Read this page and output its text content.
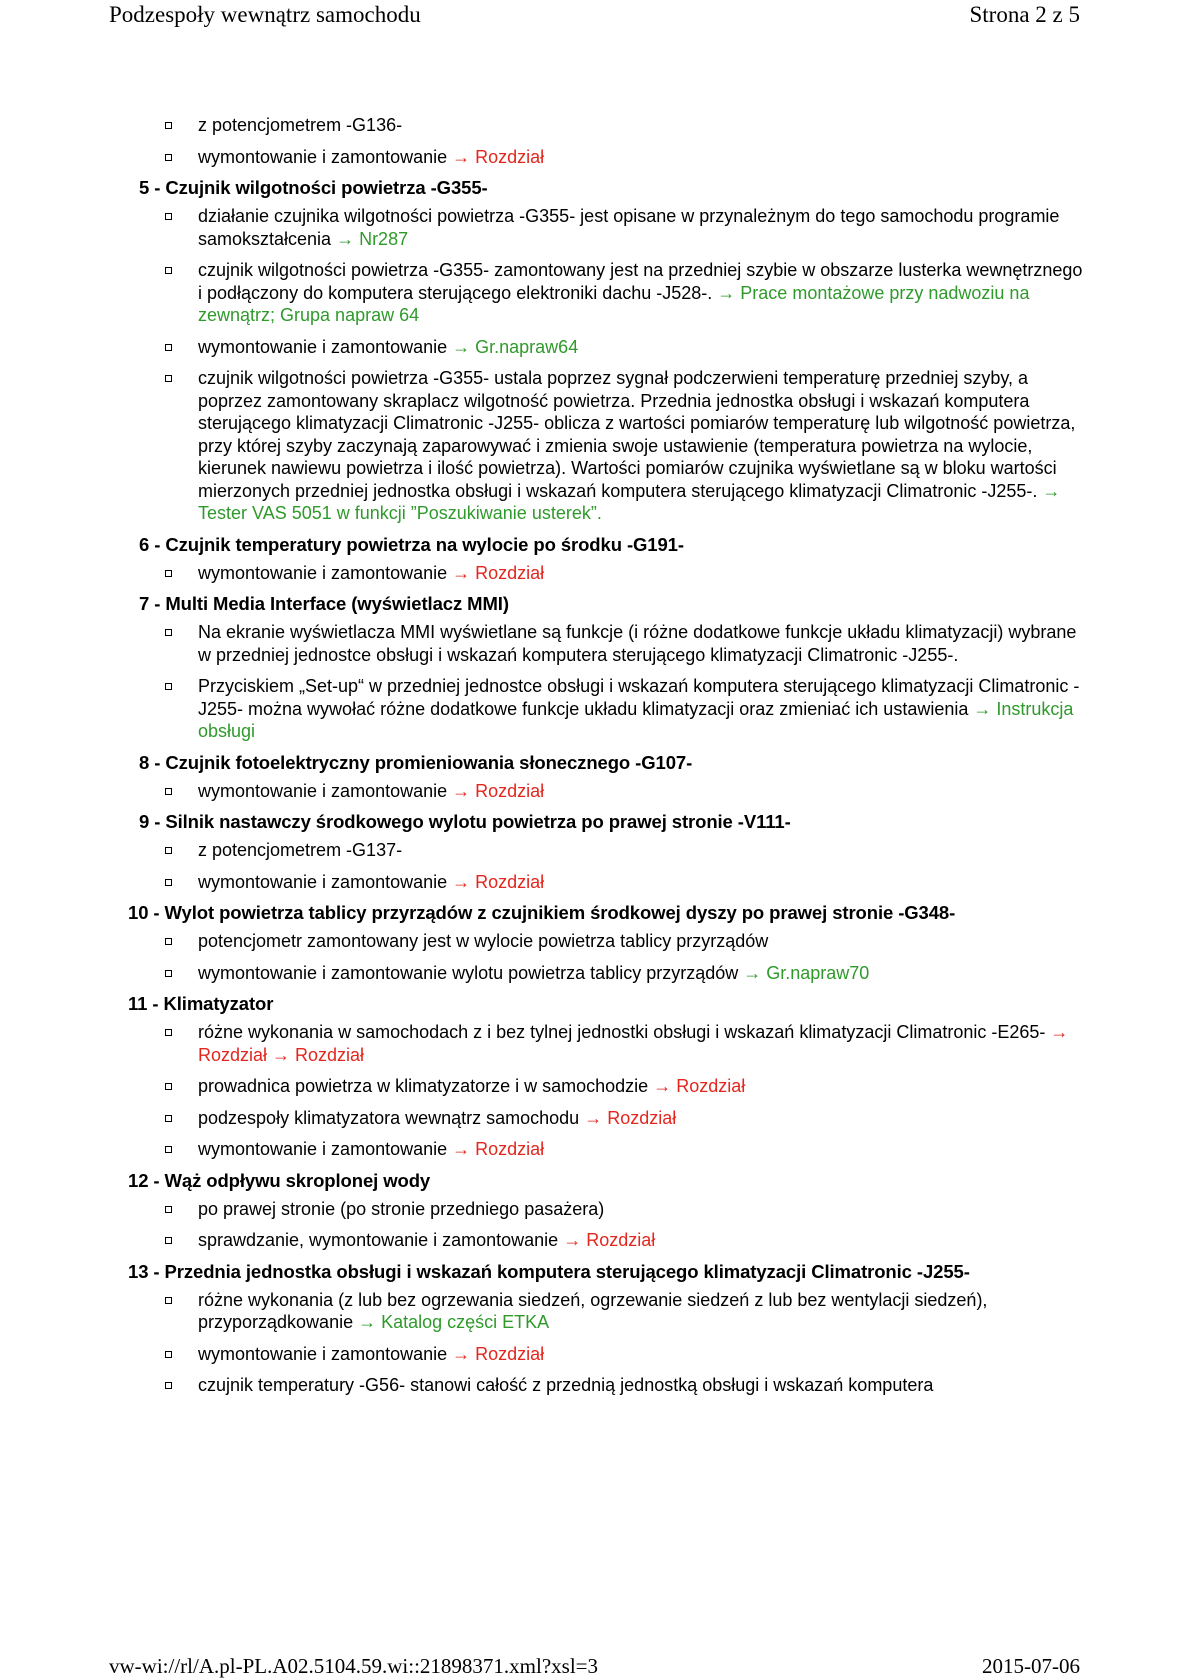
Podzespoły wewnątrz samochodu	Strona 2 z 5
z potencjometrem -G136-
wymontowanie i zamontowanie → Rozdział
5 - Czujnik wilgotności powietrza -G355-
działanie czujnika wilgotności powietrza -G355- jest opisane w przynależnym do tego samochodu programie samokształcenia → Nr287
czujnik wilgotności powietrza -G355- zamontowany jest na przedniej szybie w obszarze lusterka wewnętrznego i podłączony do komputera sterującego elektroniki dachu -J528-. → Prace montażowe przy nadwoziu na zewnątrz; Grupa napraw 64
wymontowanie i zamontowanie → Gr.napraw64
czujnik wilgotności powietrza -G355- ustala poprzez sygnał podczerwieni temperaturę przedniej szyby, a poprzez zamontowany skraplacz wilgotność powietrza. Przednia jednostka obsługi i wskazań komputera sterującego klimatyzacji Climatronic -J255- oblicza z wartości pomiarów temperaturę lub wilgotność powietrza, przy której szyby zaczynają zaparowywać i zmienia swoje ustawienie (temperatura powietrza na wylocie, kierunek nawiewu powietrza i ilość powietrza). Wartości pomiarów czujnika wyświetlane są w bloku wartości mierzonych przedniej jednostka obsługi i wskazań komputera sterującego klimatyzacji Climatronic -J255-. → Tester VAS 5051 w funkcji ”Poszukiwanie usterek”.
6 - Czujnik temperatury powietrza na wylocie po środku -G191-
wymontowanie i zamontowanie → Rozdział
7 - Multi Media Interface (wyświetlacz MMI)
Na ekranie wyświetlacza MMI wyświetlane są funkcje (i różne dodatkowe funkcje układu klimatyzacji) wybrane w przedniej jednostce obsługi i wskazań komputera sterującego klimatyzacji Climatronic -J255-.
Przyciskiem „Set-up“ w przedniej jednostce obsługi i wskazań komputera sterującego klimatyzacji Climatronic -J255- można wywołać różne dodatkowe funkcje układu klimatyzacji oraz zmieniać ich ustawienia → Instrukcja obsługi
8 - Czujnik fotoelektryczny promieniowania słonecznego -G107-
wymontowanie i zamontowanie → Rozdział
9 - Silnik nastawczy środkowego wylotu powietrza po prawej stronie -V111-
z potencjometrem -G137-
wymontowanie i zamontowanie → Rozdział
10 - Wylot powietrza tablicy przyrządów z czujnikiem środkowej dyszy po prawej stronie -G348-
potencjometr zamontowany jest w wylocie powietrza tablicy przyrządów
wymontowanie i zamontowanie wylotu powietrza tablicy przyrządów → Gr.napraw70
11 - Klimatyzator
różne wykonania w samochodach z i bez tylnej jednostki obsługi i wskazań klimatyzacji Climatronic -E265- → Rozdział → Rozdział
prowadnica powietrza w klimatyzatorze i w samochodzie → Rozdział
podzespoły klimatyzatora wewnątrz samochodu → Rozdział
wymontowanie i zamontowanie → Rozdział
12 - Wąż odpływu skroplonej wody
po prawej stronie (po stronie przedniego pasażera)
sprawdzanie, wymontowanie i zamontowanie → Rozdział
13 - Przednia jednostka obsługi i wskazań komputera sterującego klimatyzacji Climatronic -J255-
różne wykonania (z lub bez ogrzewania siedzeń, ogrzewanie siedzeń z lub bez wentylacji siedzeń), przyporządkowanie → Katalog części ETKA
wymontowanie i zamontowanie → Rozdział
czujnik temperatury -G56- stanowi całość z przednią jednostką obsługi i wskazań komputera
vw-wi://rl/A.pl-PL.A02.5104.59.wi::21898371.xml?xsl=3	2015-07-06
